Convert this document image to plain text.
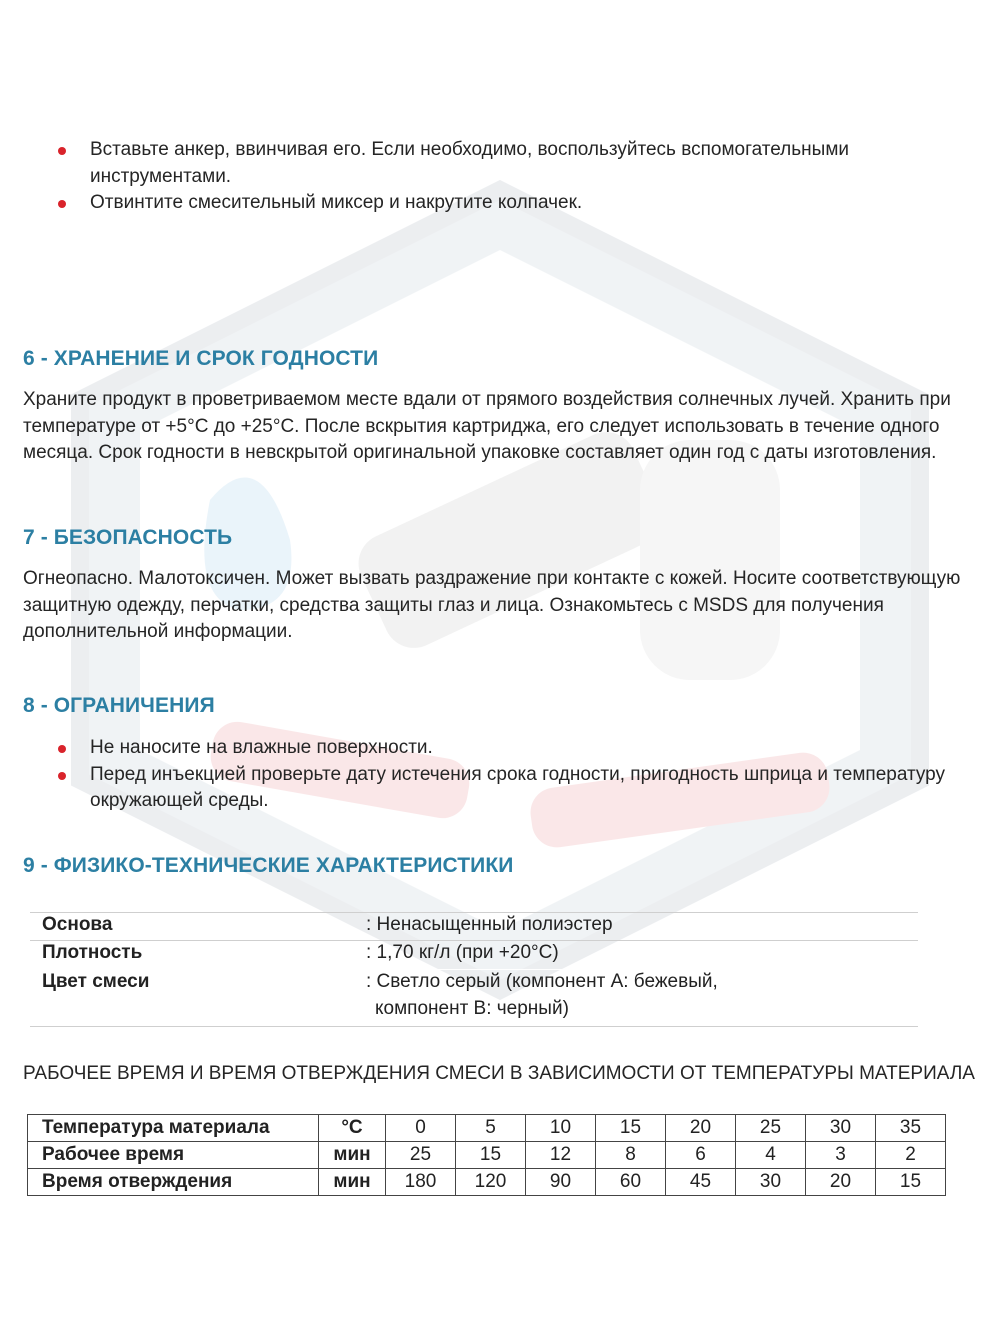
Вставьте анкер, ввинчивая его. Если необходимо, воспользуйтесь вспомогательными инструментами.
Отвинтите смесительный миксер и накрутите колпачек.
6 - ХРАНЕНИЕ И СРОК ГОДНОСТИ

Храните продукт в проветриваемом месте вдали от прямого воздействия солнечных лучей. Хранить при температуре от +5°С до +25°С. После вскрытия картриджа, его следует использовать в течение одного месяца. Срок годности в невскрытой оригинальной упаковке составляет один год с даты изготовления.

7 - БЕЗОПАСНОСТЬ

Огнеопасно. Малотоксичен. Может вызвать раздражение при контакте с кожей. Носите соответствующую защитную одежду, перчатки, средства защиты глаз и лица. Ознакомьтесь с MSDS для получения дополнительной информации.

8 - ОГРАНИЧЕНИЯ
Не наносите на влажные поверхности.
Перед инъекцией проверьте дату истечения срока годности, пригодность шприца и температуру окружающей среды.
9 - ФИЗИКО-ТЕХНИЧЕСКИЕ ХАРАКТЕРИСТИКИ
Основа	: Ненасыщенный полиэстер
Плотность	: 1,70 кг/л (при +20°С)
Цвет смеси	: Светло серый (компонент А: бежевый,
компонент В: черный)
РАБОЧЕЕ ВРЕМЯ И ВРЕМЯ ОТВЕРЖДЕНИЯ СМЕСИ В ЗАВИСИМОСТИ ОТ ТЕМПЕРАТУРЫ МАТЕРИАЛА
Температура материала	°C	0	5	10	15	20	25	30	35
Рабочее время	мин	25	15	12	8	6	4	3	2
Время отверждения	мин	180	120	90	60	45	30	20	15
